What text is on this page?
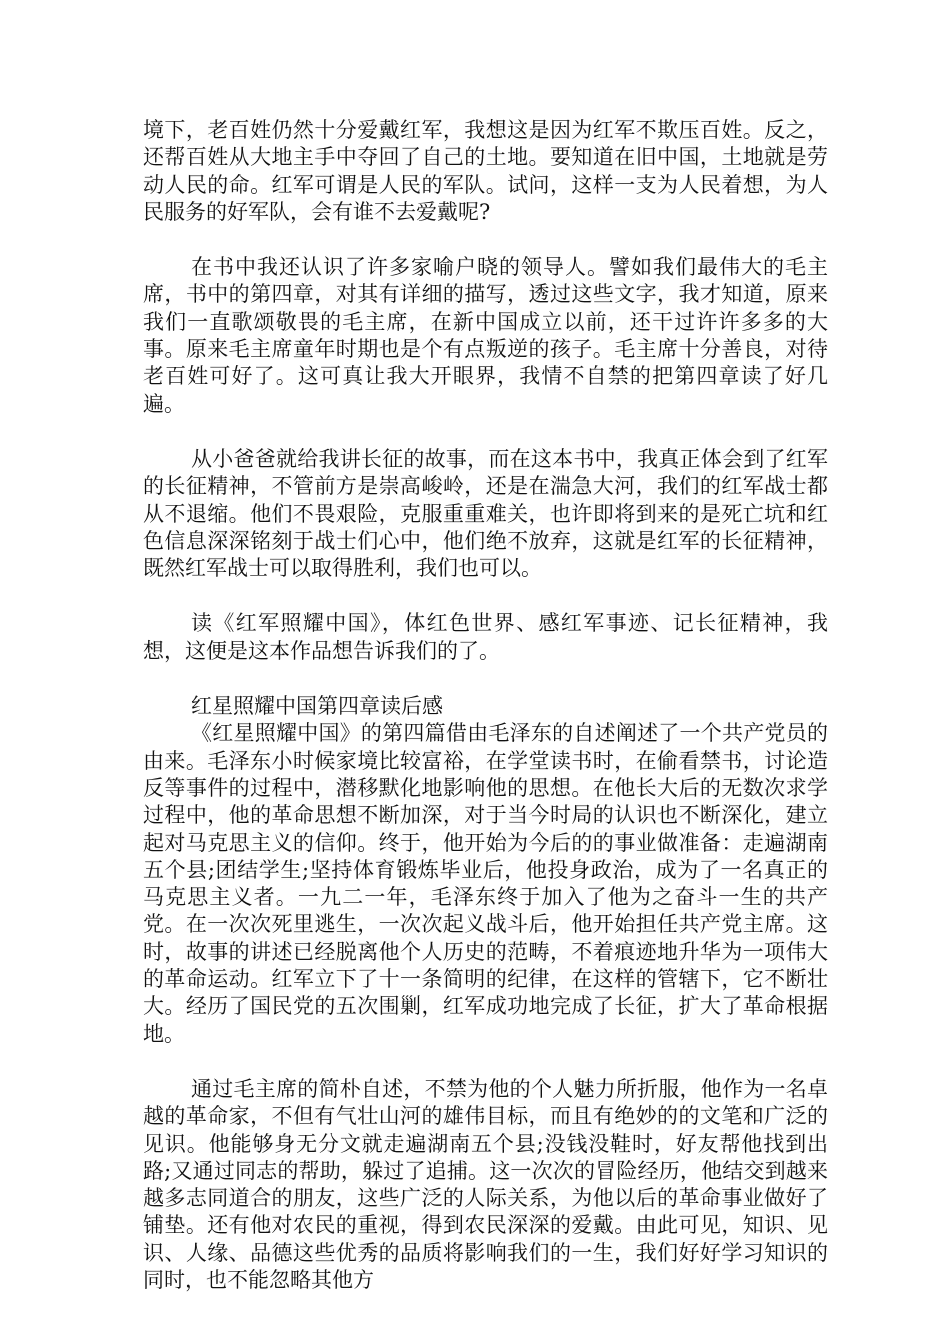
境下，老百姓仍然十分爱戴红军，我想这是因为红军不欺压百姓。反之，还帮百姓从大地主手中夺回了自己的土地。要知道在旧中国，土地就是劳动人民的命。红军可谓是人民的军队。试问，这样一支为人民着想，为人民服务的好军队，会有谁不去爱戴呢?

在书中我还认识了许多家喻户晓的领导人。譬如我们最伟大的毛主席，书中的第四章，对其有详细的描写，透过这些文字，我才知道，原来我们一直歌颂敬畏的毛主席，在新中国成立以前，还干过许许多多的大事。原来毛主席童年时期也是个有点叛逆的孩子。毛主席十分善良，对待老百姓可好了。这可真让我大开眼界，我情不自禁的把第四章读了好几遍。

从小爸爸就给我讲长征的故事，而在这本书中，我真正体会到了红军的长征精神，不管前方是崇高峻岭，还是在湍急大河，我们的红军战士都从不退缩。他们不畏艰险，克服重重难关，也许即将到来的是死亡坑和红色信息深深铭刻于战士们心中，他们绝不放弃，这就是红军的长征精神，既然红军战士可以取得胜利，我们也可以。

读《红军照耀中国》，体红色世界、感红军事迹、记长征精神，我想，这便是这本作品想告诉我们的了。

红星照耀中国第四章读后感

《红星照耀中国》的第四篇借由毛泽东的自述阐述了一个共产党员的由来。毛泽东小时候家境比较富裕，在学堂读书时，在偷看禁书，讨论造反等事件的过程中，潜移默化地影响他的思想。在他长大后的无数次求学过程中，他的革命思想不断加深，对于当今时局的认识也不断深化，建立起对马克思主义的信仰。终于，他开始为今后的的事业做准备：走遍湖南五个县;团结学生;坚持体育锻炼毕业后，他投身政治，成为了一名真正的马克思主义者。一九二一年，毛泽东终于加入了他为之奋斗一生的共产党。在一次次死里逃生，一次次起义战斗后，他开始担任共产党主席。这时，故事的讲述已经脱离他个人历史的范畴，不着痕迹地升华为一项伟大的革命运动。红军立下了十一条简明的纪律，在这样的管辖下，它不断壮大。经历了国民党的五次围剿，红军成功地完成了长征，扩大了革命根据地。

通过毛主席的简朴自述，不禁为他的个人魅力所折服，他作为一名卓越的革命家，不但有气壮山河的雄伟目标，而且有绝妙的的文笔和广泛的见识。他能够身无分文就走遍湖南五个县;没钱没鞋时，好友帮他找到出路;又通过同志的帮助，躲过了追捕。这一次次的冒险经历，他结交到越来越多志同道合的朋友，这些广泛的人际关系，为他以后的革命事业做好了铺垫。还有他对农民的重视，得到农民深深的爱戴。由此可见，知识、见识、人缘、品德这些优秀的品质将影响我们的一生，我们好好学习知识的同时，也不能忽略其他方
